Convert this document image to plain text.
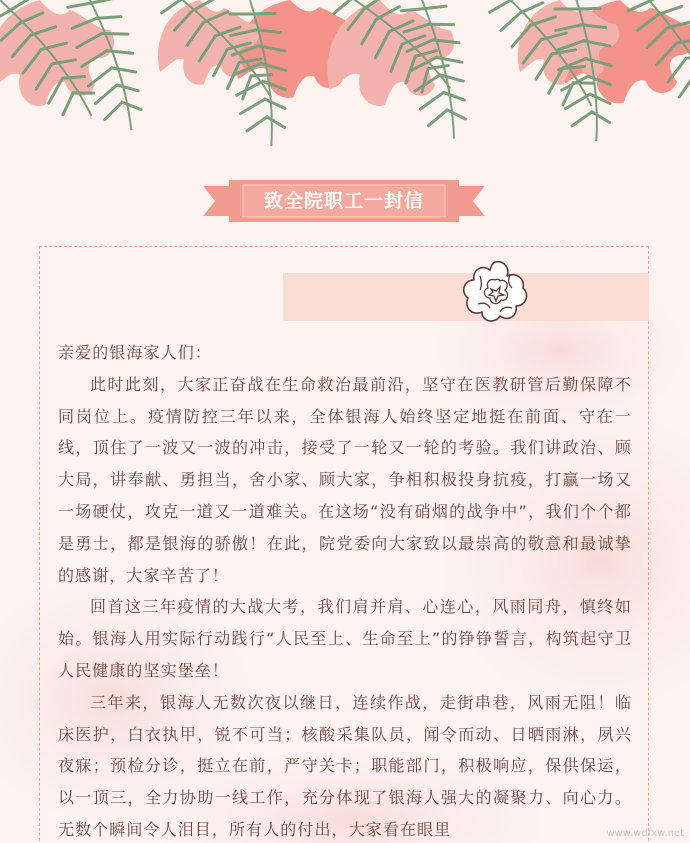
致全院职工一封信

亲爱的银海家人们：

此时此刻，大家正奋战在生命救治最前沿，坚守在医教研管后勤保障不同岗位上。疫情防控三年以来，全体银海人始终坚定地挺在前面、守在一线，顶住了一波又一波的冲击，接受了一轮又一轮的考验。我们讲政治、顾大局，讲奉献、勇担当，舍小家、顾大家，争相积极投身抗疫，打赢一场又一场硬仗，攻克一道又一道难关。在这场“没有硝烟的战争中”，我们个个都是勇士，都是银海的骄傲！在此，院党委向大家致以最崇高的敬意和最诚挚的感谢，大家辛苦了！

回首这三年疫情的大战大考，我们肩并肩、心连心，风雨同舟，慎终如始。银海人用实际行动践行“人民至上、生命至上”的铮铮誓言，构筑起守卫人民健康的坚实堡垒！

三年来，银海人无数次夜以继日，连续作战，走街串巷，风雨无阻！临床医护，白衣执甲，锐不可当；核酸采集队员，闻令而动、日晒雨淋，夙兴夜寐；预检分诊，挺立在前，严守关卡；职能部门，积极响应，保供保运，以一顶三，全力协助一线工作，充分体现了银海人强大的凝聚力、向心力。无数个瞬间令人泪目，所有人的付出，大家看在眼里	www.wdfxw.net
